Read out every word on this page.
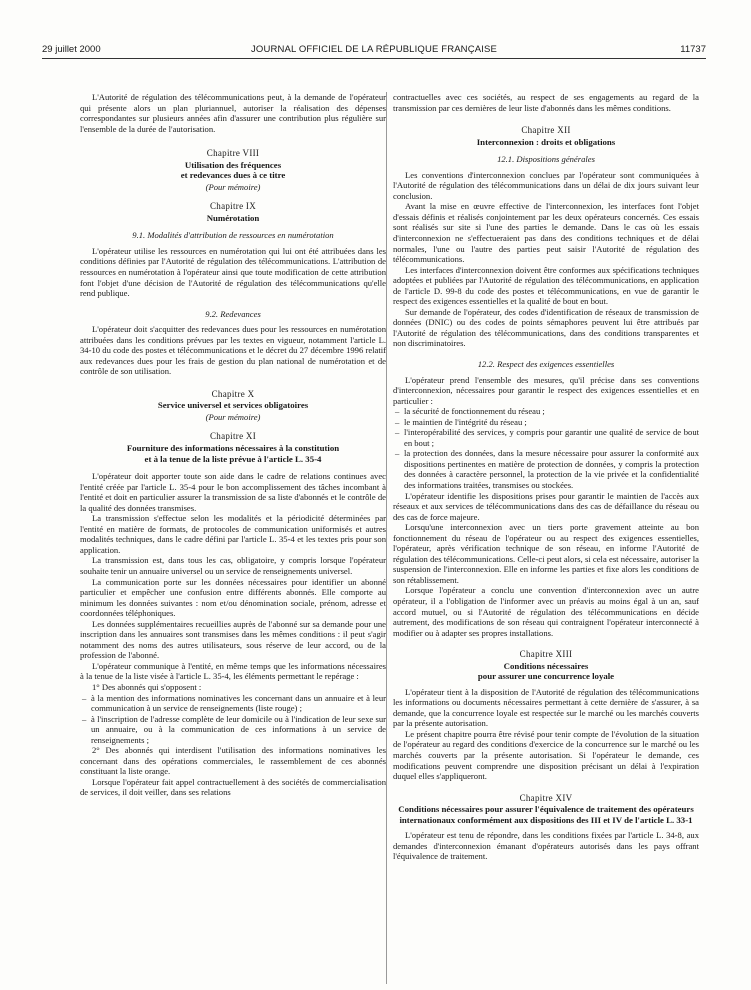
29 juillet 2000	JOURNAL OFFICIEL DE LA RÉPUBLIQUE FRANÇAISE	11737

L'Autorité de régulation des télécommunications peut, à la demande de l'opérateur qui présente alors un plan pluriannuel, autoriser la réalisation des dépenses correspondantes sur plusieurs années afin d'assurer une contribution plus régulière sur l'ensemble de la durée de l'autorisation.

Chapitre VIII
Utilisation des fréquences
et redevances dues à ce titre
(Pour mémoire)
Chapitre IX
Numérotation
9.1. Modalités d'attribution de ressources en numérotation

L'opérateur utilise les ressources en numérotation qui lui ont été attribuées dans les conditions définies par l'Autorité de régulation des télécommunications. L'attribution de ressources en numérotation à l'opérateur ainsi que toute modification de cette attribution font l'objet d'une décision de l'Autorité de régulation des télécommunications qu'elle rend publique.

9.2. Redevances

L'opérateur doit s'acquitter des redevances dues pour les ressources en numérotation attribuées dans les conditions prévues par les textes en vigueur, notamment l'article L. 34-10 du code des postes et télécommunications et le décret du 27 décembre 1996 relatif aux redevances dues pour les frais de gestion du plan national de numérotation et de contrôle de son utilisation.

Chapitre X
Service universel et services obligatoires
(Pour mémoire)
Chapitre XI
Fourniture des informations nécessaires à la constitution
et à la tenue de la liste prévue à l'article L. 35-4

L'opérateur doit apporter toute son aide dans le cadre de relations continues avec l'entité créée par l'article L. 35-4 pour le bon accomplissement des tâches incombant à l'entité et doit en particulier assurer la transmission de sa liste d'abonnés et le contrôle de la qualité des données transmises.

La transmission s'effectue selon les modalités et la périodicité déterminées par l'entité en matière de formats, de protocoles de communication uniformisés et autres modalités techniques, dans le cadre défini par l'article L. 35-4 et les textes pris pour son application.

La transmission est, dans tous les cas, obligatoire, y compris lorsque l'opérateur souhaite tenir un annuaire universel ou un service de renseignements universel.

La communication porte sur les données nécessaires pour identifier un abonné particulier et empêcher une confusion entre différents abonnés. Elle comporte au minimum les données suivantes : nom et/ou dénomination sociale, prénom, adresse et coordonnées téléphoniques.

Les données supplémentaires recueillies auprès de l'abonné sur sa demande pour une inscription dans les annuaires sont transmises dans les mêmes conditions : il peut s'agir notamment des noms des autres utilisateurs, sous réserve de leur accord, ou de la profession de l'abonné.

L'opérateur communique à l'entité, en même temps que les informations nécessaires à la tenue de la liste visée à l'article L. 35-4, les éléments permettant le repérage :

1° Des abonnés qui s'opposent :

– à la mention des informations nominatives les concernant dans un annuaire et à leur communication à un service de renseignements (liste rouge) ;
– à l'inscription de l'adresse complète de leur domicile ou à l'indication de leur sexe sur un annuaire, ou à la communication de ces informations à un service de renseignements ;

2° Des abonnés qui interdisent l'utilisation des informations nominatives les concernant dans des opérations commerciales, le rassemblement de ces abonnés constituant la liste orange.

Lorsque l'opérateur fait appel contractuellement à des sociétés de commercialisation de services, il doit veiller, dans ses relations

contractuelles avec ces sociétés, au respect de ses engagements au regard de la transmission par ces dernières de leur liste d'abonnés dans les mêmes conditions.

Chapitre XII
Interconnexion : droits et obligations
12.1. Dispositions générales

Les conventions d'interconnexion conclues par l'opérateur sont communiquées à l'Autorité de régulation des télécommunications dans un délai de dix jours suivant leur conclusion.

Avant la mise en œuvre effective de l'interconnexion, les interfaces font l'objet d'essais définis et réalisés conjointement par les deux opérateurs concernés. Ces essais sont réalisés sur site si l'une des parties le demande. Dans le cas où les essais d'interconnexion ne s'effectueraient pas dans des conditions techniques et de délai normales, l'une ou l'autre des parties peut saisir l'Autorité de régulation des télécommunications.

Les interfaces d'interconnexion doivent être conformes aux spécifications techniques adoptées et publiées par l'Autorité de régulation des télécommunications, en application de l'article D. 99-8 du code des postes et télécommunications, en vue de garantir le respect des exigences essentielles et la qualité de bout en bout.

Sur demande de l'opérateur, des codes d'identification de réseaux de transmission de données (DNIC) ou des codes de points sémaphores peuvent lui être attribués par l'Autorité de régulation des télécommunications, dans des conditions transparentes et non discriminatoires.

12.2. Respect des exigences essentielles

L'opérateur prend l'ensemble des mesures, qu'il précise dans ses conventions d'interconnexion, nécessaires pour garantir le respect des exigences essentielles et en particulier :

– la sécurité de fonctionnement du réseau ;
– le maintien de l'intégrité du réseau ;
– l'interopérabilité des services, y compris pour garantir une qualité de service de bout en bout ;
– la protection des données, dans la mesure nécessaire pour assurer la conformité aux dispositions pertinentes en matière de protection de données, y compris la protection des données à caractère personnel, la protection de la vie privée et la confidentialité des informations traitées, transmises ou stockées.

L'opérateur identifie les dispositions prises pour garantir le maintien de l'accès aux réseaux et aux services de télécommunications dans des cas de défaillance du réseau ou des cas de force majeure.

Lorsqu'une interconnexion avec un tiers porte gravement atteinte au bon fonctionnement du réseau de l'opérateur ou au respect des exigences essentielles, l'opérateur, après vérification technique de son réseau, en informe l'Autorité de régulation des télécommunications. Celle-ci peut alors, si cela est nécessaire, autoriser la suspension de l'interconnexion. Elle en informe les parties et fixe alors les conditions de son rétablissement.

Lorsque l'opérateur a conclu une convention d'interconnexion avec un autre opérateur, il a l'obligation de l'informer avec un préavis au moins égal à un an, sauf accord mutuel, ou si l'Autorité de régulation des télécommunications en décide autrement, des modifications de son réseau qui contraignent l'opérateur interconnecté à modifier ou à adapter ses propres installations.

Chapitre XIII
Conditions nécessaires
pour assurer une concurrence loyale

L'opérateur tient à la disposition de l'Autorité de régulation des télécommunications les informations ou documents nécessaires permettant à cette dernière de s'assurer, à sa demande, que la concurrence loyale est respectée sur le marché ou les marchés couverts par la présente autorisation.

Le présent chapitre pourra être révisé pour tenir compte de l'évolution de la situation de l'opérateur au regard des conditions d'exercice de la concurrence sur le marché ou les marchés couverts par la présente autorisation. Si l'opérateur le demande, ces modifications peuvent comprendre une disposition précisant un délai à l'expiration duquel elles s'appliqueront.

Chapitre XIV
Conditions nécessaires pour assurer l'équivalence de traitement des opérateurs internationaux conformément aux dispositions des III et IV de l'article L. 33-1

L'opérateur est tenu de répondre, dans les conditions fixées par l'article L. 34-8, aux demandes d'interconnexion émanant d'opérateurs autorisés dans les pays offrant l'équivalence de traitement.
